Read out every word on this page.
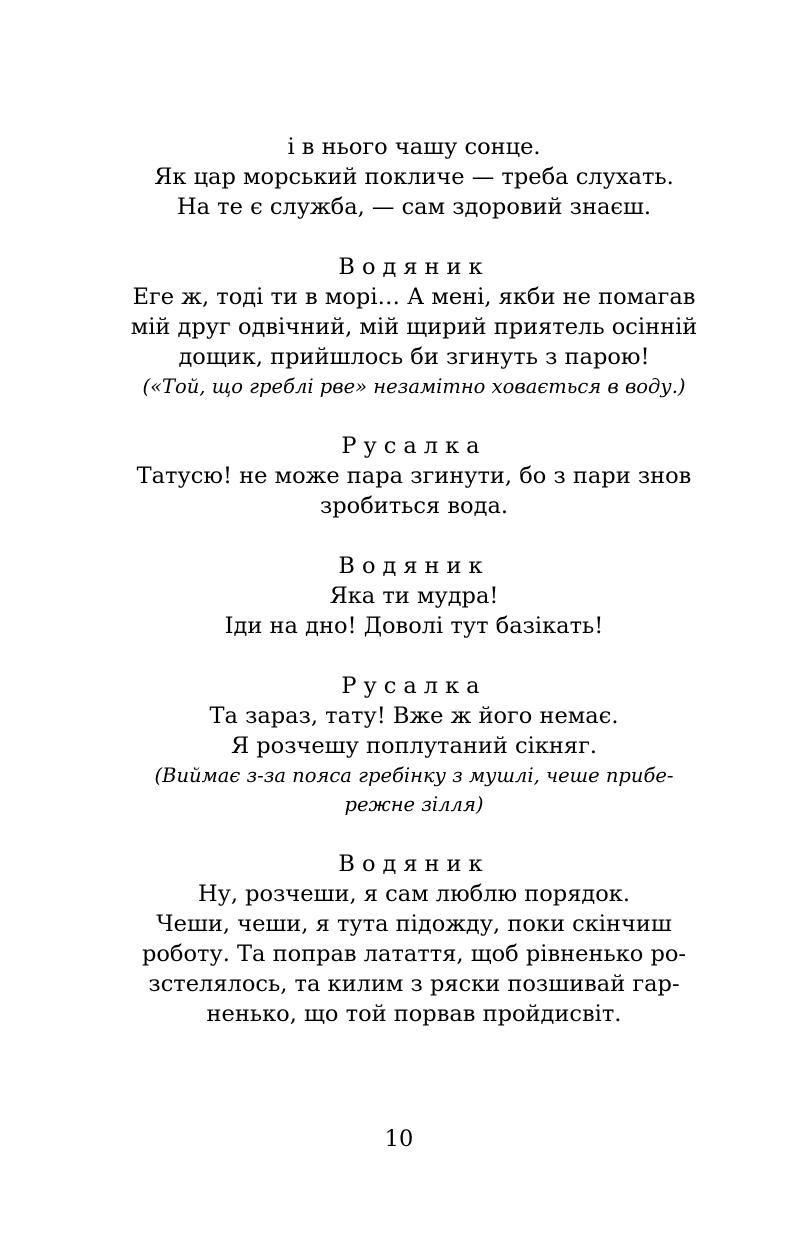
і в нього чашу сонце.
Як цар морський покличе — треба слухать.
На те є служба, — сам здоровий знаєш.
Водяник
Еге ж, тоді ти в морі… А мені, якби не помагав
мій друг одвічний, мій щирий приятель осінній
дощик, прийшлось би згинуть з парою!
(«Той, що греблі рве» незамітно ховається в воду.)
Русалка
Татусю! не може пара згинути, бо з пари знов
зробиться вода.
Водяник
Яка ти мудра!
Іди на дно! Доволі тут базікать!
Русалка
Та зараз, тату! Вже ж його немає.
Я розчешу поплутаний сікняг.
(Виймає з-за пояса гребінку з мушлі, чеше прибе-
режне зілля)
Водяник
Ну, розчеши, я сам люблю порядок.
Чеши, чеши, я тута підожду, поки скінчиш
роботу. Та поправ латаття, щоб рівненько ро-
зстелялось, та килим з ряски позшивай гар-
ненько, що той порвав пройдисвіт.
10
